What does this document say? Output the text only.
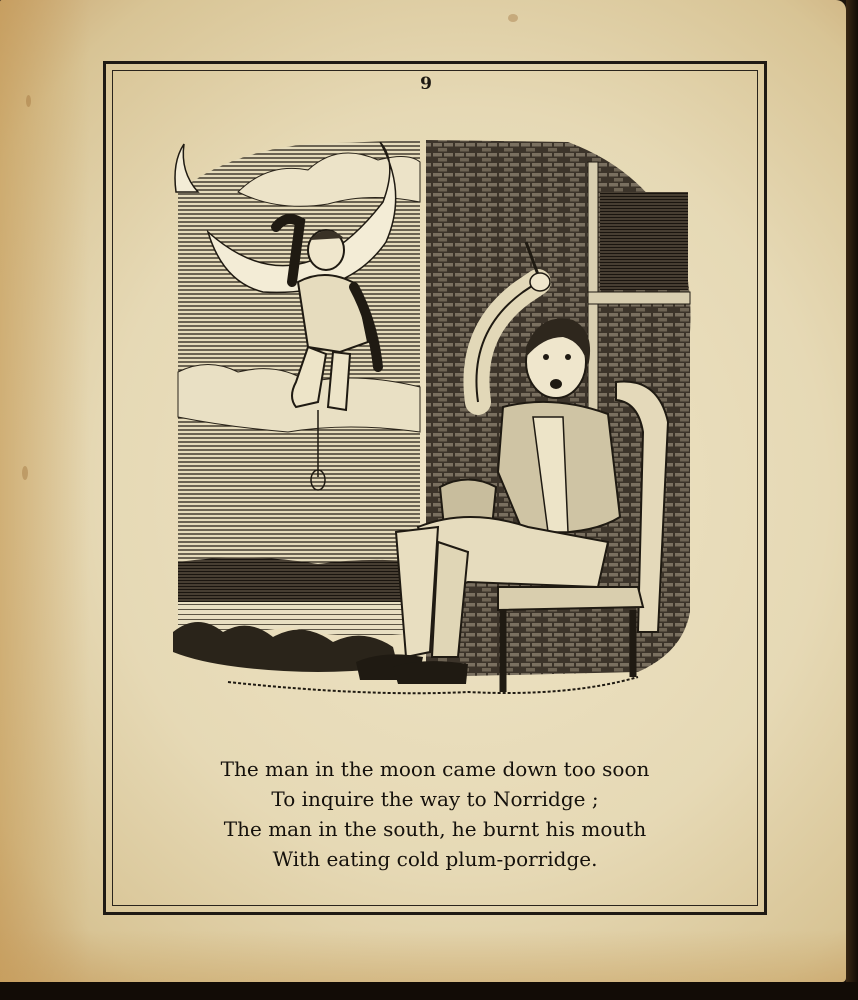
9
The man in the moon came down too soon
To inquire the way to Norridge ;
The man in the south, he burnt his mouth
With eating cold plum-porridge.
